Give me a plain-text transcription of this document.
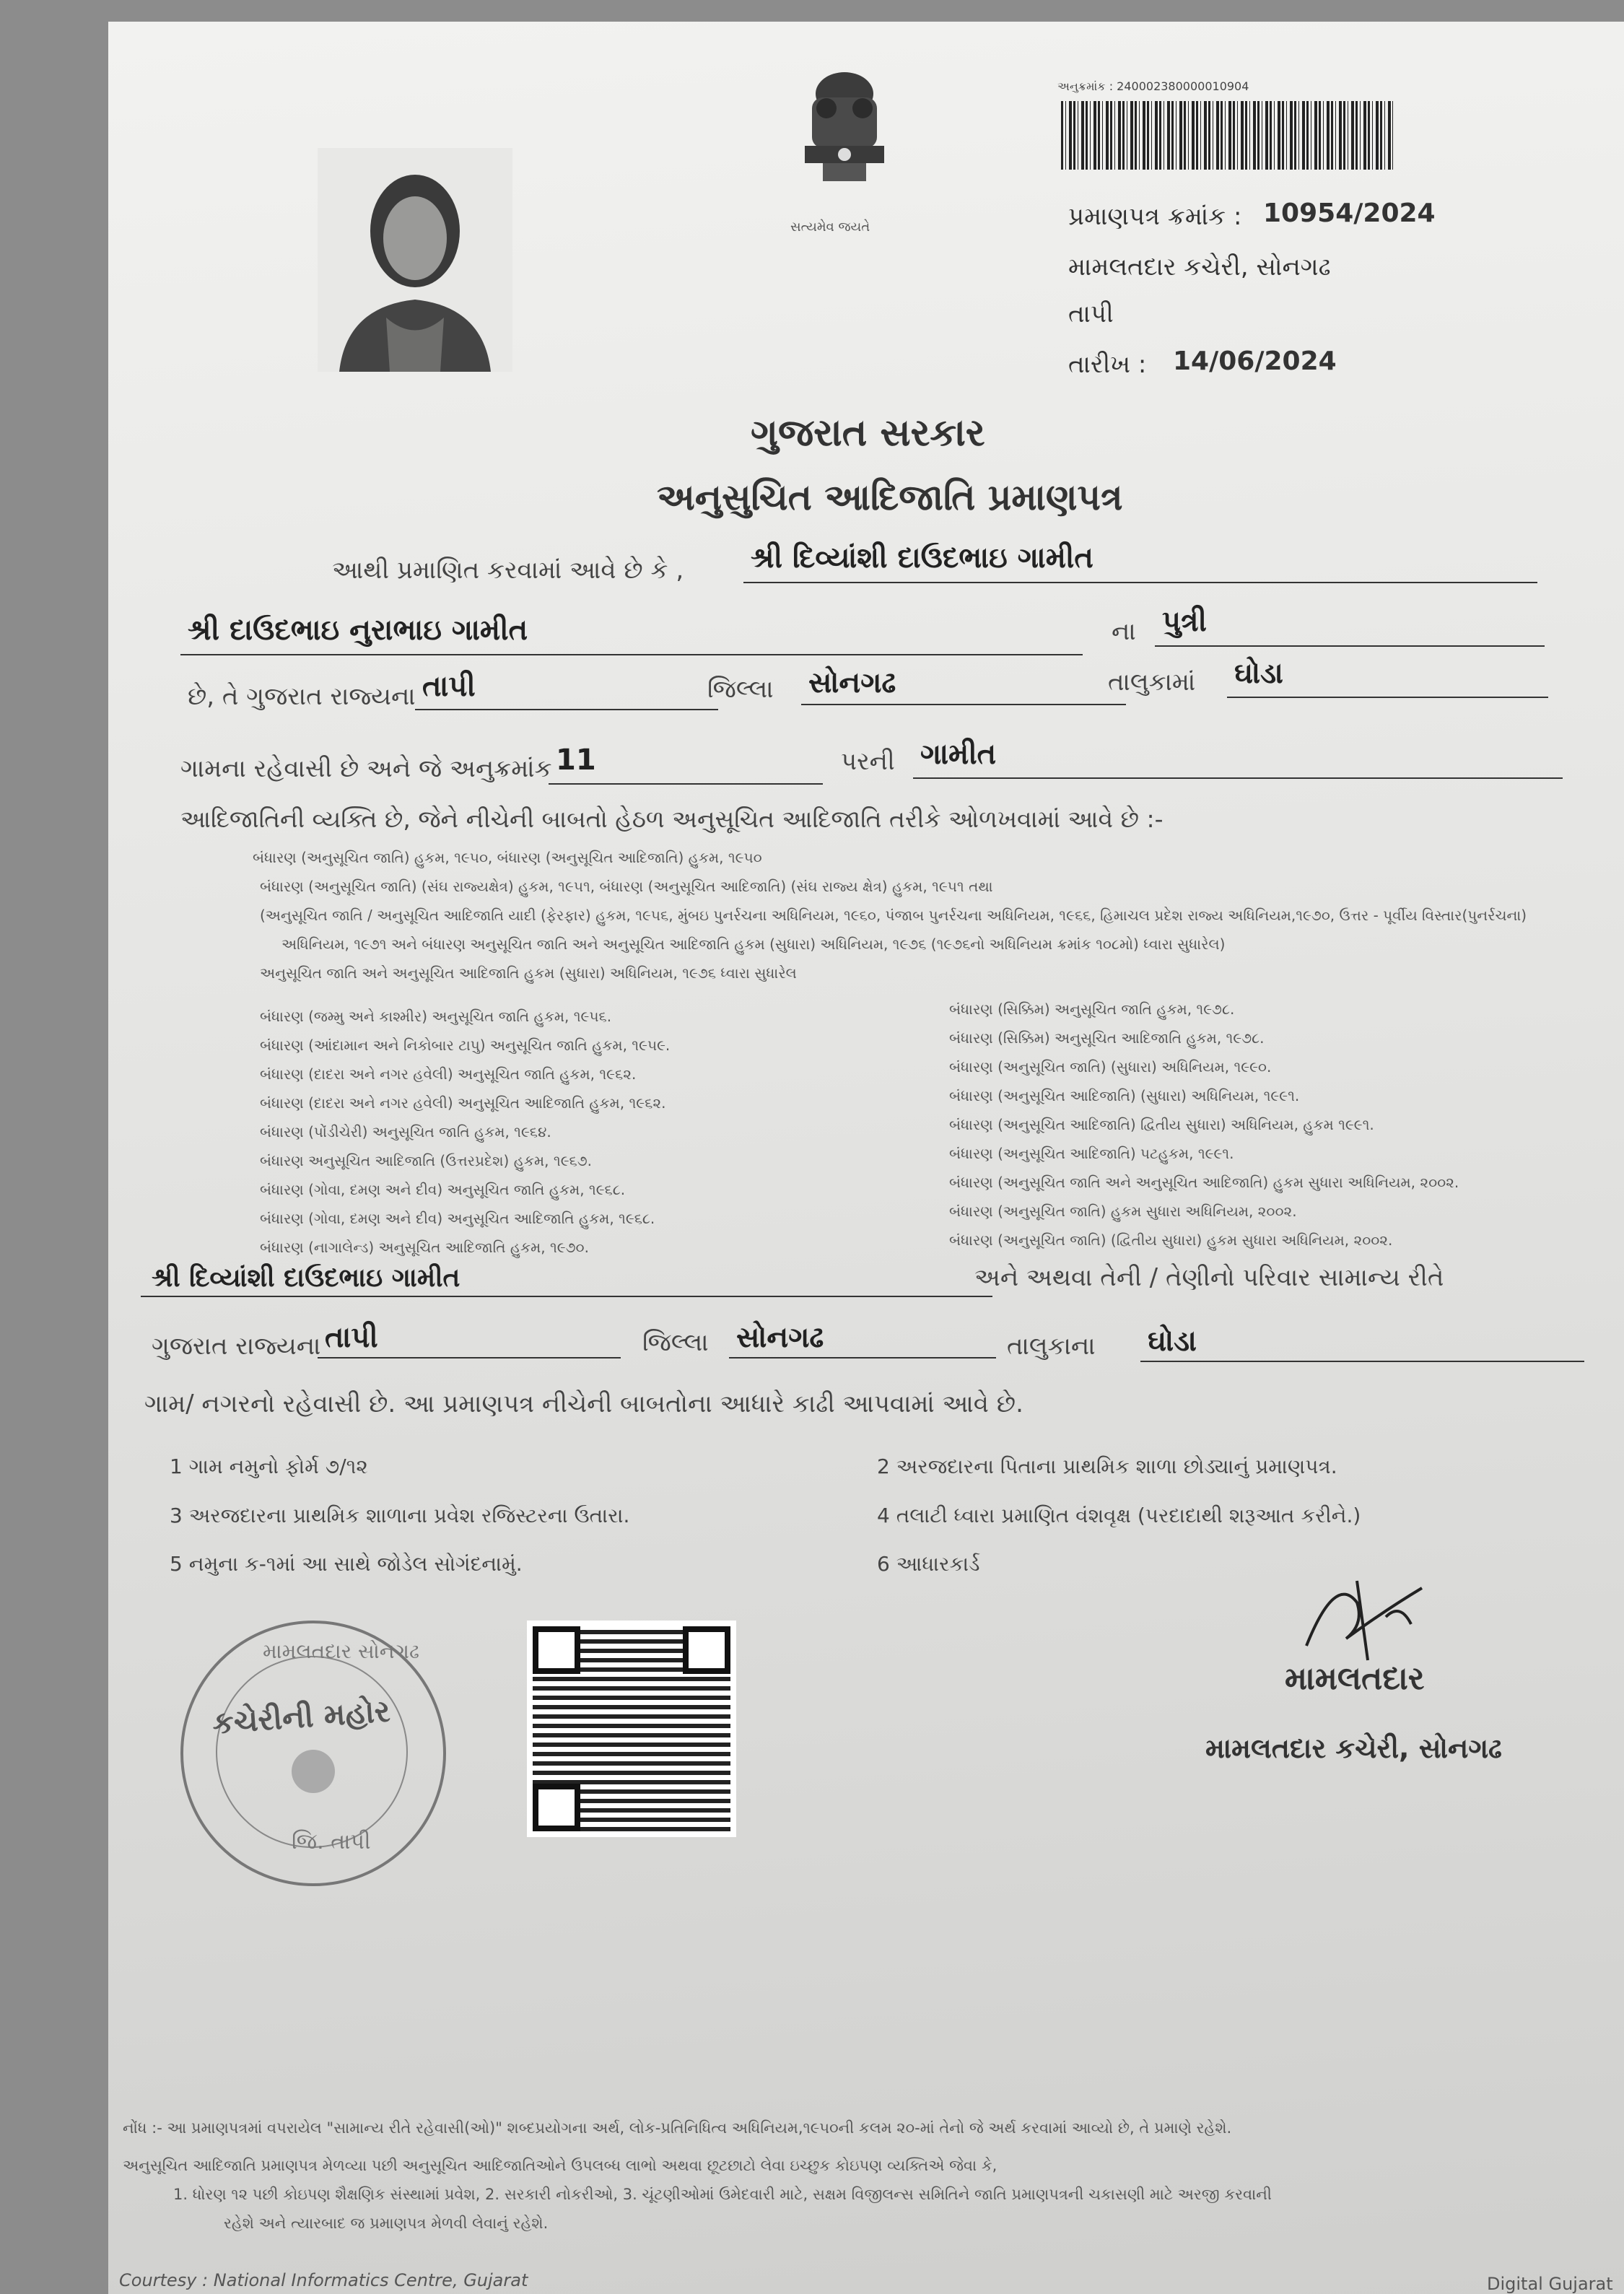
સત્યમેવ જયતે
અનુક્રમાંક : 240002380000010904
પ્રમાણપત્ર ક્રમાંક : 10954/2024
મામલતદાર કચેરી, સોનગઢ
તાપી
તારીખ : 14/06/2024
ગુજરાત સરકાર
અનુસુચિત આદિજાતિ પ્રમાણપત્ર
આથી પ્રમાણિત કરવામાં આવે છે કે , શ્રી દિવ્યાંશી દાઉદભાઇ ગામીત
શ્રી દાઉદભાઇ નુરાભાઇ ગામીત	ના પુત્રી
છે, તે ગુજરાત રાજ્યના તાપી	જિલ્લા સોનગઢ	તાલુકામાં ઘોડા
ગામના રહેવાસી છે અને જે અનુક્રમાંક 11	પરની ગામીત
આદિજાતિની વ્યક્તિ છે, જેને નીચેની બાબતો હેઠળ અનુસૂચિત આદિજાતિ તરીકે ઓળખવામાં આવે છે :-
બંધારણ (અનુસૂચિત જાતિ) હુકમ, ૧૯૫૦, બંધારણ (અનુસૂચિત આદિજાતિ) હુકમ, ૧૯૫૦
બંધારણ (અનુસૂચિત જાતિ) (સંઘ રાજ્યક્ષેત્ર) હુકમ, ૧૯૫૧, બંધારણ (અનુસૂચિત આદિજાતિ) (સંઘ રાજ્ય ક્ષેત્ર) હુકમ, ૧૯૫૧ તથા
(અનુસૂચિત જાતિ / અનુસૂચિત આદિજાતિ યાદી (ફેરફાર) હુકમ, ૧૯૫૬, મુંબઇ પુનર્રચના અધિનિયમ, ૧૯૬૦, પંજાબ પુનર્રચના અધિનિયમ, ૧૯૬૬, હિમાચલ પ્રદેશ રાજ્ય અધિનિયમ,૧૯૭૦, ઉત્તર - પૂર્વીય વિસ્તાર(પુનર્રચના)
અધિનિયમ, ૧૯૭૧ અને બંધારણ અનુસૂચિત જાતિ અને અનુસૂચિત આદિજાતિ હુકમ (સુધારા) અધિનિયમ, ૧૯૭૬ (૧૯૭૬નો અધિનિયમ ક્રમાંક ૧૦૮મો) ધ્વારા સુધારેલ)
અનુસૂચિત જાતિ અને અનુસૂચિત આદિજાતિ હુકમ (સુધારા) અધિનિયમ, ૧૯૭૬ ધ્વારા સુધારેલ
બંધારણ (જમ્મુ અને કાશ્મીર) અનુસૂચિત જાતિ હુકમ, ૧૯૫૬.
બંધારણ (આંદામાન અને નિકોબાર ટાપુ) અનુસૂચિત જાતિ હુકમ, ૧૯૫૯.
બંધારણ (દાદરા અને નગર હવેલી) અનુસૂચિત જાતિ હુકમ, ૧૯૬૨.
બંધારણ (દાદરા અને નગર હવેલી) અનુસૂચિત આદિજાતિ હુકમ, ૧૯૬૨.
બંધારણ (પોંડીચેરી) અનુસૂચિત જાતિ હુકમ, ૧૯૬૪.
બંધારણ અનુસૂચિત આદિજાતિ (ઉત્તરપ્રદેશ) હુકમ, ૧૯૬૭.
બંધારણ (ગોવા, દમણ અને દીવ) અનુસૂચિત જાતિ હુકમ, ૧૯૬૮.
બંધારણ (ગોવા, દમણ અને દીવ) અનુસૂચિત આદિજાતિ હુકમ, ૧૯૬૮.
બંધારણ (નાગાલેન્ડ) અનુસૂચિત આદિજાતિ હુકમ, ૧૯૭૦.
બંધારણ (સિક્કિમ) અનુસૂચિત જાતિ હુકમ, ૧૯૭૮.
બંધારણ (સિક્કિમ) અનુસૂચિત આદિજાતિ હુકમ, ૧૯૭૮.
બંધારણ (અનુસૂચિત જાતિ) (સુધારા) અધિનિયમ, ૧૯૯૦.
બંધારણ (અનુસૂચિત આદિજાતિ) (સુધારા) અધિનિયમ, ૧૯૯૧.
બંધારણ (અનુસૂચિત આદિજાતિ) દ્વિતીય સુધારા) અધિનિયમ, હુકમ ૧૯૯૧.
બંધારણ (અનુસૂચિત આદિજાતિ) પટહુકમ, ૧૯૯૧.
બંધારણ (અનુસૂચિત જાતિ અને અનુસૂચિત આદિજાતિ) હુકમ સુધારા અધિનિયમ, ૨૦૦૨.
બંધારણ (અનુસૂચિત જાતિ) હુકમ સુધારા અધિનિયમ, ૨૦૦૨.
બંધારણ (અનુસૂચિત જાતિ) (દ્વિતીય સુધારા) હુકમ સુધારા અધિનિયમ, ૨૦૦૨.
શ્રી દિવ્યાંશી દાઉદભાઇ ગામીત	અને અથવા તેની / તેણીનો પરિવાર સામાન્ય રીતે
ગુજરાત રાજ્યના તાપી	જિલ્લા સોનગઢ	તાલુકાના ઘોડા
ગામ/ નગરનો રહેવાસી છે. આ પ્રમાણપત્ર નીચેની બાબતોના આધારે કાઢી આપવામાં આવે છે.
1 ગામ નમુનો ફોર્મ ૭/૧૨	2 અરજદારના પિતાના પ્રાથમિક શાળા છોડ્યાનું પ્રમાણપત્ર.
3 અરજદારના પ્રાથમિક શાળાના પ્રવેશ રજિસ્ટરના ઉતારા.	4 તલાટી ધ્વારા પ્રમાણિત વંશવૃક્ષ (પરદાદાથી શરૂઆત કરીને.)
5 નમુના ક-૧માં આ સાથે જોડેલ સોગંદનામું.	6 આધારકાર્ડ
મામલતદાર સોનગઢ
કચેરીની મહોર
જિ. તાપી
મામલતદાર
મામલતદાર કચેરી, સોનગઢ
નોંધ :- આ પ્રમાણપત્રમાં વપરાયેલ "સામાન્ય રીતે રહેવાસી(ઓ)" શબ્દપ્રયોગના અર્થ, લોક-પ્રતિનિધિત્વ અધિનિયમ,૧૯૫૦ની કલમ ૨૦-માં તેનો જે અર્થ કરવામાં આવ્યો છે, તે પ્રમાણે રહેશે.
અનુસૂચિત આદિજાતિ પ્રમાણપત્ર મેળવ્યા પછી અનુસૂચિત આદિજાતિઓને ઉપલબ્ધ લાભો અથવા છૂટછાટો લેવા ઇચ્છુક કોઇપણ વ્યક્તિએ જેવા કે,
1. ધોરણ ૧૨ પછી કોઇપણ શૈક્ષણિક સંસ્થામાં પ્રવેશ, 2. સરકારી નોકરીઓ, 3. ચૂંટણીઓમાં ઉમેદવારી માટે, સક્ષમ વિજીલન્સ સમિતિને જાતિ પ્રમાણપત્રની ચકાસણી માટે અરજી કરવાની
રહેશે અને ત્યારબાદ જ પ્રમાણપત્ર મેળવી લેવાનું રહેશે.
Courtesy : National Informatics Centre, Gujarat	Digital Gujarat
